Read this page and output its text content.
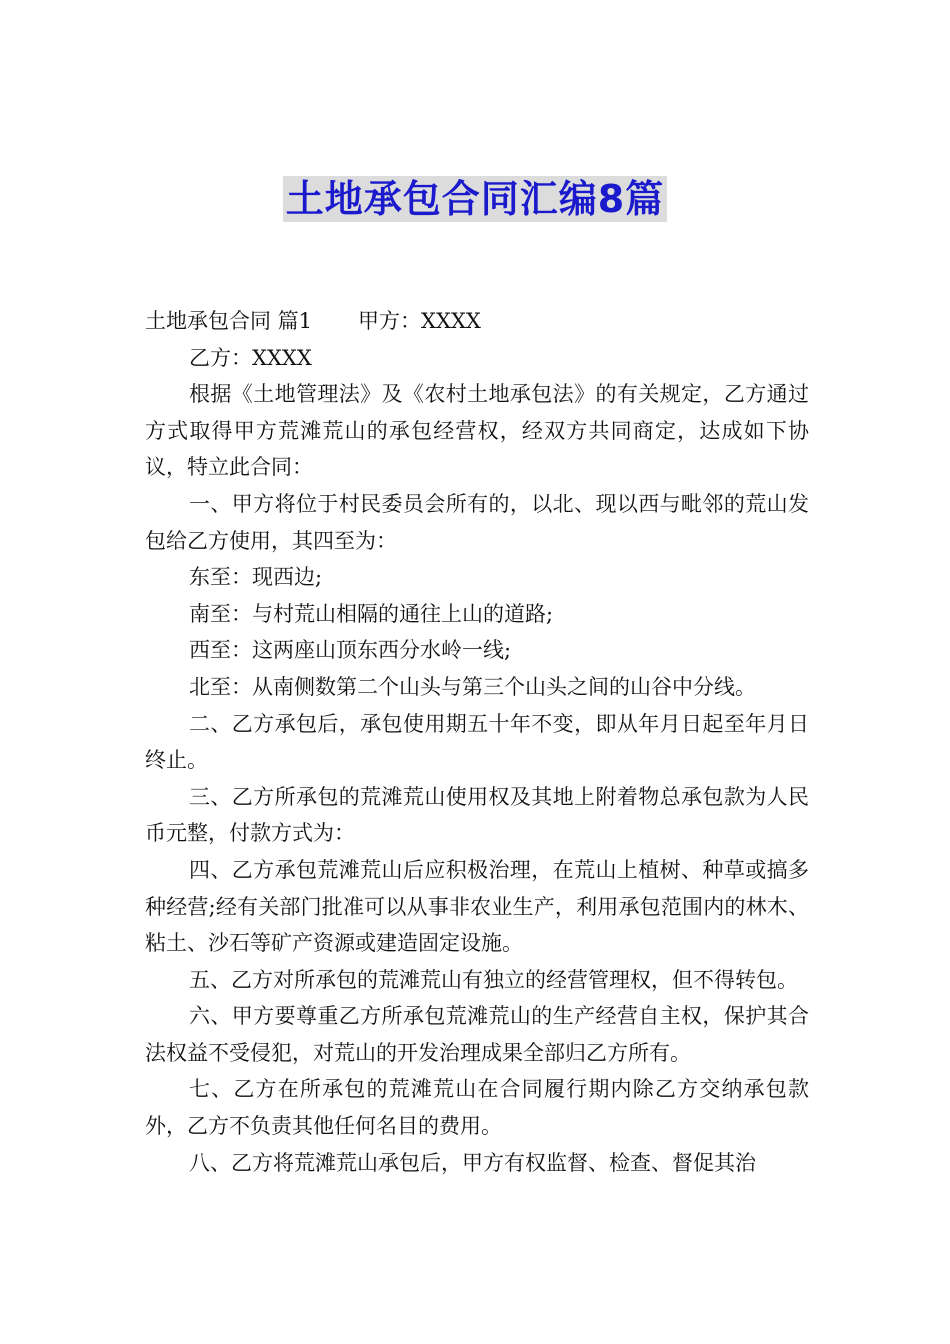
土地承包合同汇编8篇

土地承包合同 篇1 甲方：XXXX

乙方：XXXX

根据《土地管理法》及《农村土地承包法》的有关规定，乙方通过方式取得甲方荒滩荒山的承包经营权，经双方共同商定，达成如下协议，特立此合同：

一、甲方将位于村民委员会所有的，以北、现以西与毗邻的荒山发包给乙方使用，其四至为：

东至：现西边;

南至：与村荒山相隔的通往上山的道路;

西至：这两座山顶东西分水岭一线;

北至：从南侧数第二个山头与第三个山头之间的山谷中分线。

二、乙方承包后，承包使用期五十年不变，即从年月日起至年月日终止。

三、乙方所承包的荒滩荒山使用权及其地上附着物总承包款为人民币元整，付款方式为：

四、乙方承包荒滩荒山后应积极治理，在荒山上植树、种草或搞多种经营;经有关部门批准可以从事非农业生产，利用承包范围内的林木、粘土、沙石等矿产资源或建造固定设施。

五、乙方对所承包的荒滩荒山有独立的经营管理权，但不得转包。

六、甲方要尊重乙方所承包荒滩荒山的生产经营自主权，保护其合法权益不受侵犯，对荒山的开发治理成果全部归乙方所有。

七、乙方在所承包的荒滩荒山在合同履行期内除乙方交纳承包款外，乙方不负责其他任何名目的费用。

八、乙方将荒滩荒山承包后，甲方有权监督、检查、督促其治
